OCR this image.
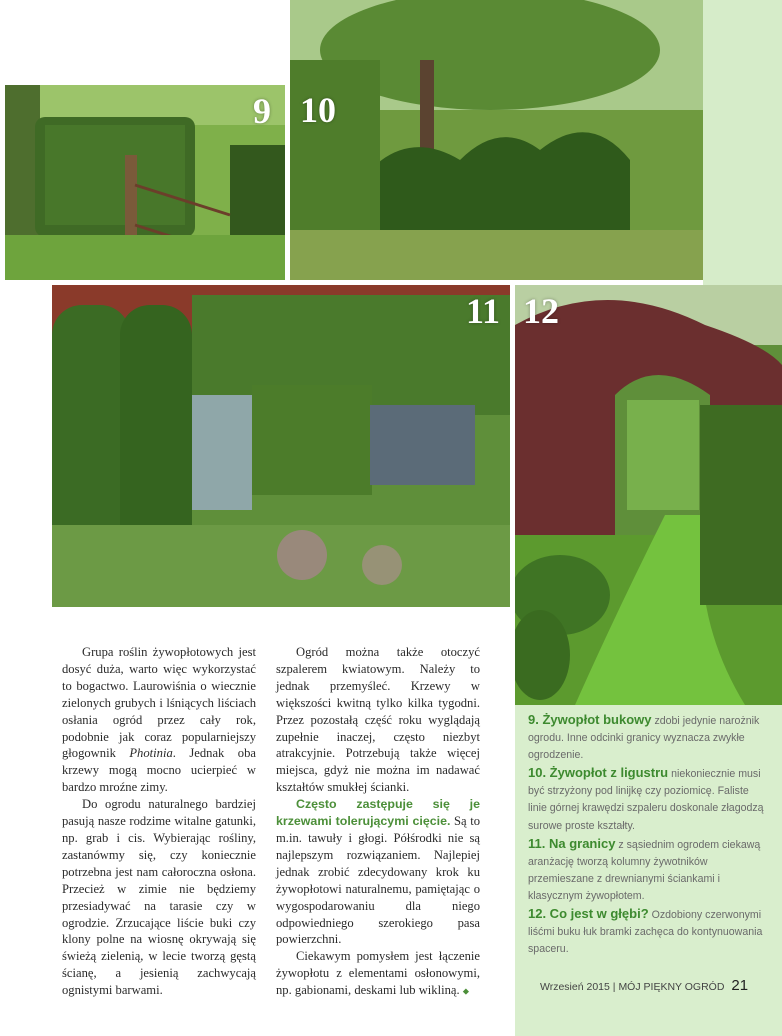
9 10
11 12

Grupa roślin żywopłotowych jest dosyć duża, warto więc wykorzystać to bogactwo. Laurowiśnia o wiecznie zielonych grubych i lśniących liściach osłania ogród przez cały rok, podobnie jak coraz popularniejszy głogownik Photinia. Jednak oba krzewy mogą mocno ucierpieć w bardzo mroźne zimy.

Do ogrodu naturalnego bardziej pasują nasze rodzime witalne gatunki, np. grab i cis. Wybierając rośliny, zastanówmy się, czy koniecznie potrzebna jest nam całoroczna osłona. Przecież w zimie nie będziemy przesiadywać na tarasie czy w ogrodzie. Zrzucające liście buki czy klony polne na wiosnę okrywają się świeżą zielenią, w lecie tworzą gęstą ścianę, a jesienią zachwycają ognistymi barwami.

Ogród można także otoczyć szpalerem kwiatowym. Należy to jednak przemyśleć. Krzewy w większości kwitną tylko kilka tygodni. Przez pozostałą część roku wyglądają zupełnie inaczej, często niezbyt atrakcyjnie. Potrzebują także więcej miejsca, gdyż nie można im nadawać kształtów smukłej ścianki.

Często zastępuje się je krzewami tolerującymi cięcie. Są to m.in. tawuły i głogi. Półśrodki nie są najlepszym rozwiązaniem. Najlepiej jednak zrobić zdecydowany krok ku żywopłotowi naturalnemu, pamiętając o wygospodarowaniu dla niego odpowiedniego szerokiego pasa powierzchni.

Ciekawym pomysłem jest łączenie żywopłotu z elementami osłonowymi, np. gabionami, deskami lub wikliną. ⬥

9. Żywopłot bukowy zdobi jedynie narożnik ogrodu. Inne odcinki granicy wyznacza zwykłe ogrodzenie.

10. Żywopłot z ligustru niekoniecznie musi być strzyżony pod linijkę czy poziomicę. Faliste linie górnej krawędzi szpaleru doskonale złagodzą surowe proste kształty.

11. Na granicy z sąsiednim ogrodem ciekawą aranżację tworzą kolumny żywotników przemieszane z drewnianymi ściankami i klasycznym żywopłotem.

12. Co jest w głębi? Ozdobiony czerwonymi liśćmi buku łuk bramki zachęca do kontynuowania spaceru.

Wrzesień 2015 | MÓJ PIĘKNY OGRÓD 21
